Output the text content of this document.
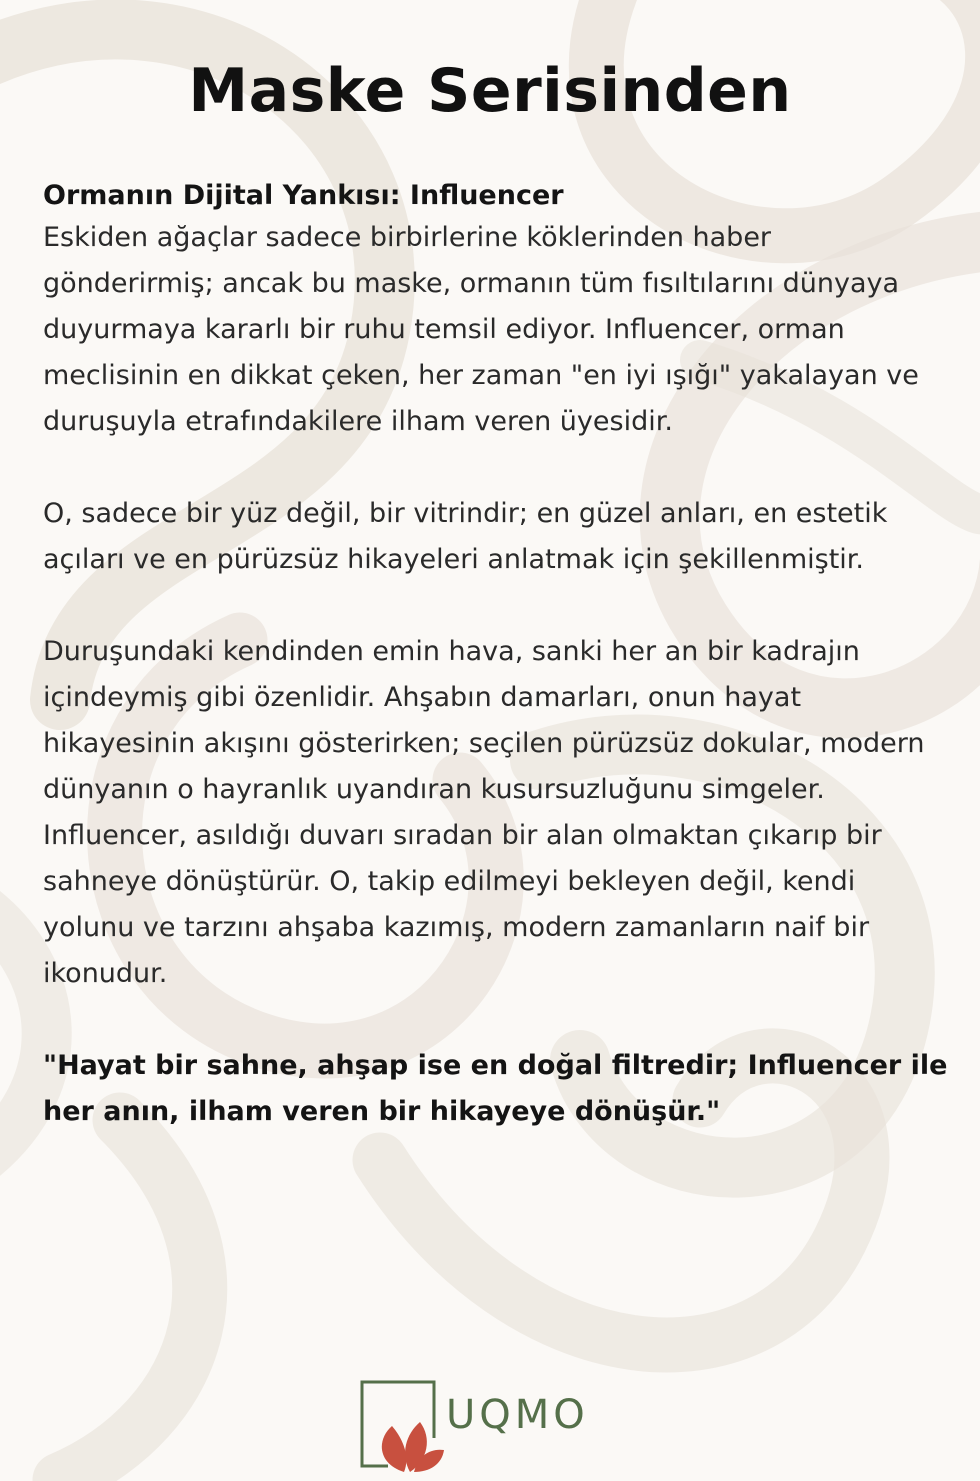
Maske Serisinden

Ormanın Dijital Yankısı: Influencer

Eskiden ağaçlar sadece birbirlerine köklerinden haber gönderirmiş; ancak bu maske, ormanın tüm fısıltılarını dünyaya duyurmaya kararlı bir ruhu temsil ediyor. Influencer, orman meclisinin en dikkat çeken, her zaman "en iyi ışığı" yakalayan ve duruşuyla etrafındakilere ilham veren üyesidir.

O, sadece bir yüz değil, bir vitrindir; en güzel anları, en estetik açıları ve en pürüzsüz hikayeleri anlatmak için şekillenmiştir.

Duruşundaki kendinden emin hava, sanki her an bir kadrajın içindeymiş gibi özenlidir. Ahşabın damarları, onun hayat hikayesinin akışını gösterirken; seçilen pürüzsüz dokular, modern dünyanın o hayranlık uyandıran kusursuzluğunu simgeler. Influencer, asıldığı duvarı sıradan bir alan olmaktan çıkarıp bir sahneye dönüştürür. O, takip edilmeyi bekleyen değil, kendi yolunu ve tarzını ahşaba kazımış, modern zamanların naif bir ikonudur.

"Hayat bir sahne, ahşap ise en doğal filtredir; Influencer ile her anın, ilham veren bir hikayeye dönüşür."

UQMO
